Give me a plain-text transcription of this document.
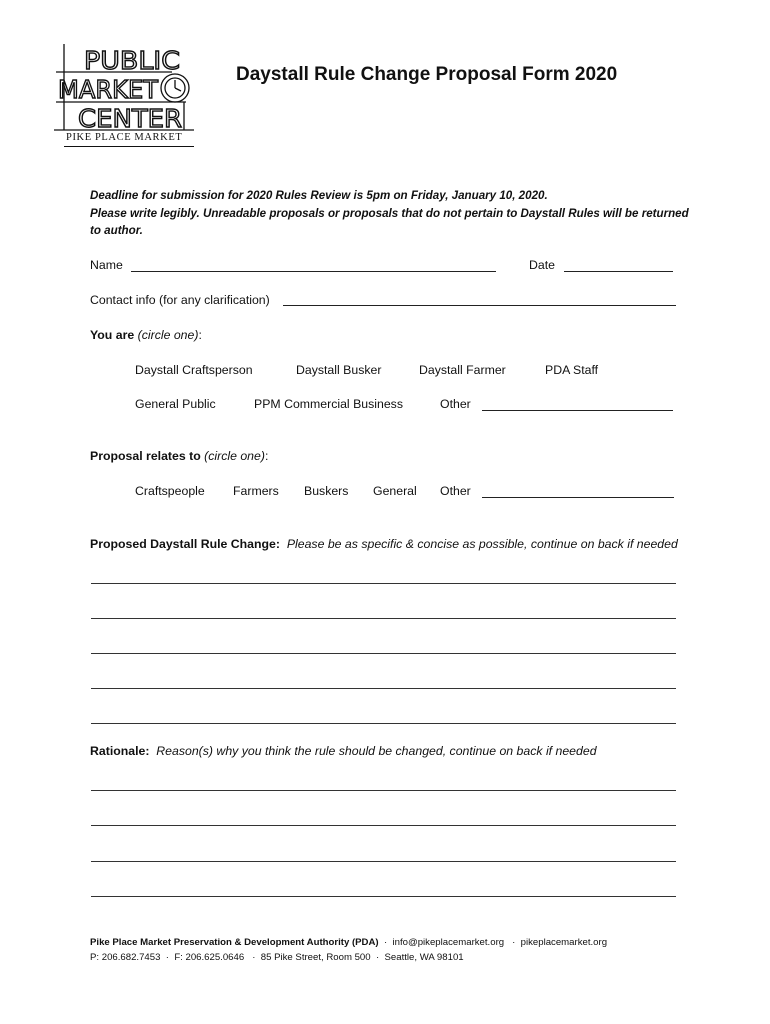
PUBLIC
MARKET
CENTER
PIKE PLACE MARKET
Daystall Rule Change Proposal Form 2020
Deadline for submission for 2020 Rules Review is 5pm on Friday, January 10, 2020.
Please write legibly. Unreadable proposals or proposals that do not pertain to Daystall Rules will be returned to author.
Name	Date
Contact info (for any clarification)
You are (circle one):
Daystall Craftsperson	Daystall Busker	Daystall Farmer	PDA Staff
General Public	PPM Commercial Business	Other
Proposal relates to (circle one):
Craftspeople Farmers Buskers General Other
Proposed Daystall Rule Change: Please be as specific & concise as possible, continue on back if needed
Rationale: Reason(s) why you think the rule should be changed, continue on back if needed
Pike Place Market Preservation & Development Authority (PDA) · info@pikeplacemarket.org · pikeplacemarket.org
P: 206.682.7453 · F: 206.625.0646 · 85 Pike Street, Room 500 · Seattle, WA 98101
